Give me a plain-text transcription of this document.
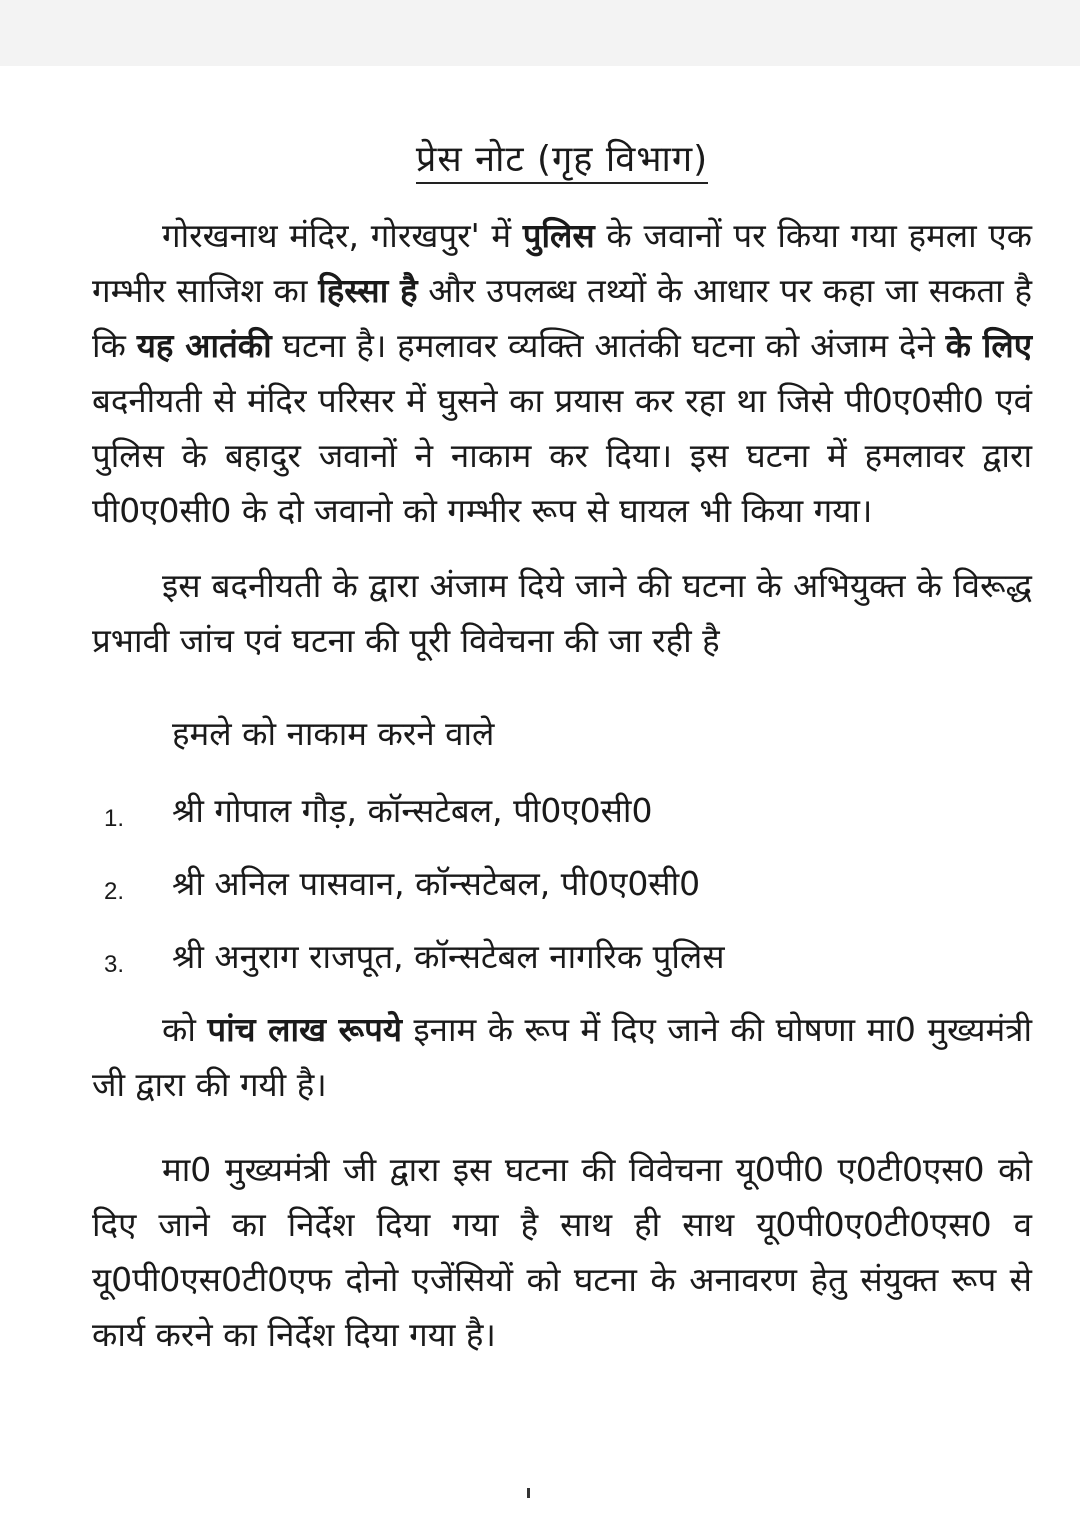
प्रेस नोट (गृह विभाग)

गोरखनाथ मंदिर, गोरखपुर' में पुलिस के जवानों पर किया गया हमला एक गम्भीर साजिश का हिस्सा है और उपलब्ध तथ्यों के आधार पर कहा जा सकता है कि यह आतंकी घटना है। हमलावर व्यक्ति आतंकी घटना को अंजाम देने के लिए बदनीयती से मंदिर परिसर में घुसने का प्रयास कर रहा था जिसे पी0ए0सी0 एवं पुलिस के बहादुर जवानों ने नाकाम कर दिया। इस घटना में हमलावर द्वारा पी0ए0सी0 के दो जवानो को गम्भीर रूप से घायल भी किया गया।

इस बदनीयती के द्वारा अंजाम दिये जाने की घटना के अभियुक्त के विरूद्ध प्रभावी जांच एवं घटना की पूरी विवेचना की जा रही है

हमले को नाकाम करने वाले
1.	श्री गोपाल गौड़, कॉन्सटेबल, पी0ए0सी0
2.	श्री अनिल पासवान, कॉन्सटेबल, पी0ए0सी0
3.	श्री अनुराग राजपूत, कॉन्सटेबल नागरिक पुलिस

को पांच लाख रूपये इनाम के रूप में दिए जाने की घोषणा मा0 मुख्यमंत्री जी द्वारा की गयी है।

मा0 मुख्यमंत्री जी द्वारा इस घटना की विवेचना यू0पी0 ए0टी0एस0 को दिए जाने का निर्देश दिया गया है साथ ही साथ यू0पी0ए0टी0एस0 व यू0पी0एस0टी0एफ दोनो एजेंसियों को घटना के अनावरण हेतु संयुक्त रूप से कार्य करने का निर्देश दिया गया है।
